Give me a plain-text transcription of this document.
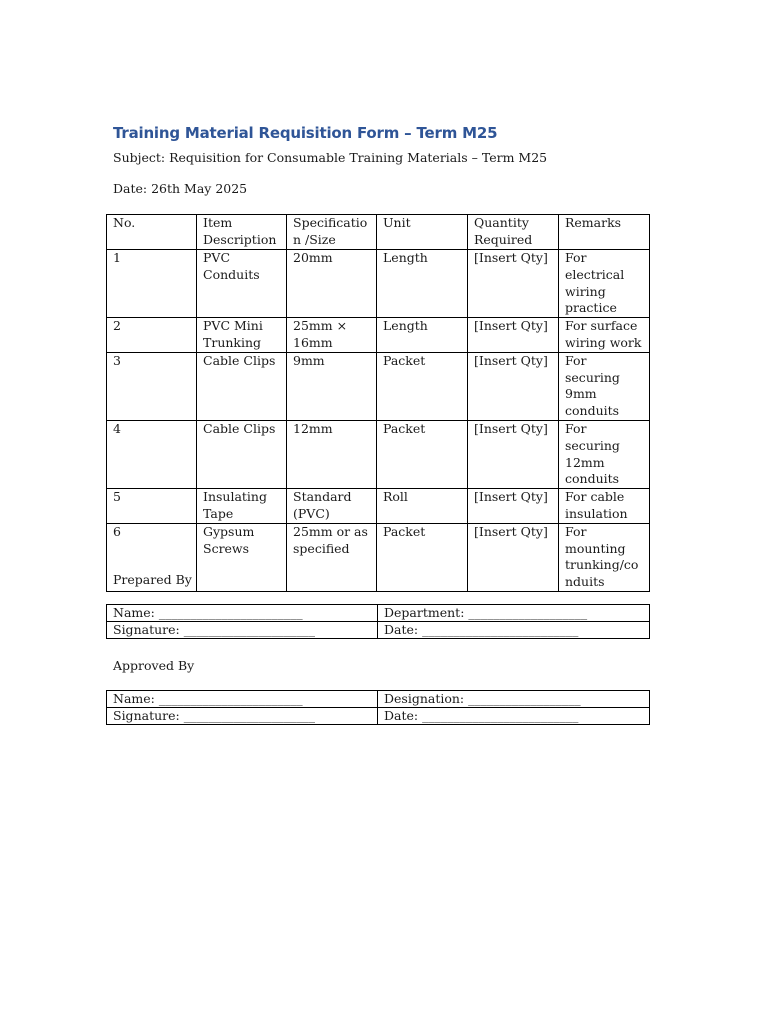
Training Material Requisition Form – Term M25
Subject: Requisition for Consumable Training Materials – Term M25
Date: 26th May 2025
No.	Item Description	Specification /Size	Unit	Quantity Required	Remarks
1	PVC Conduits	20mm	Length	[Insert Qty]	For electrical wiring practice
2	PVC Mini Trunking	25mm × 16mm	Length	[Insert Qty]	For surface wiring work
3	Cable Clips	9mm	Packet	[Insert Qty]	For securing 9mm conduits
4	Cable Clips	12mm	Packet	[Insert Qty]	For securing 12mm conduits
5	Insulating Tape	Standard (PVC)	Roll	[Insert Qty]	For cable insulation
6	Gypsum Screws	25mm or as specified	Packet	[Insert Qty]	For mounting trunking/conduits
Prepared By
Name: _______________________	Department: ___________________
Signature: _____________________	Date: _________________________
Approved By
Name: _______________________	Designation: __________________
Signature: _____________________	Date: _________________________
